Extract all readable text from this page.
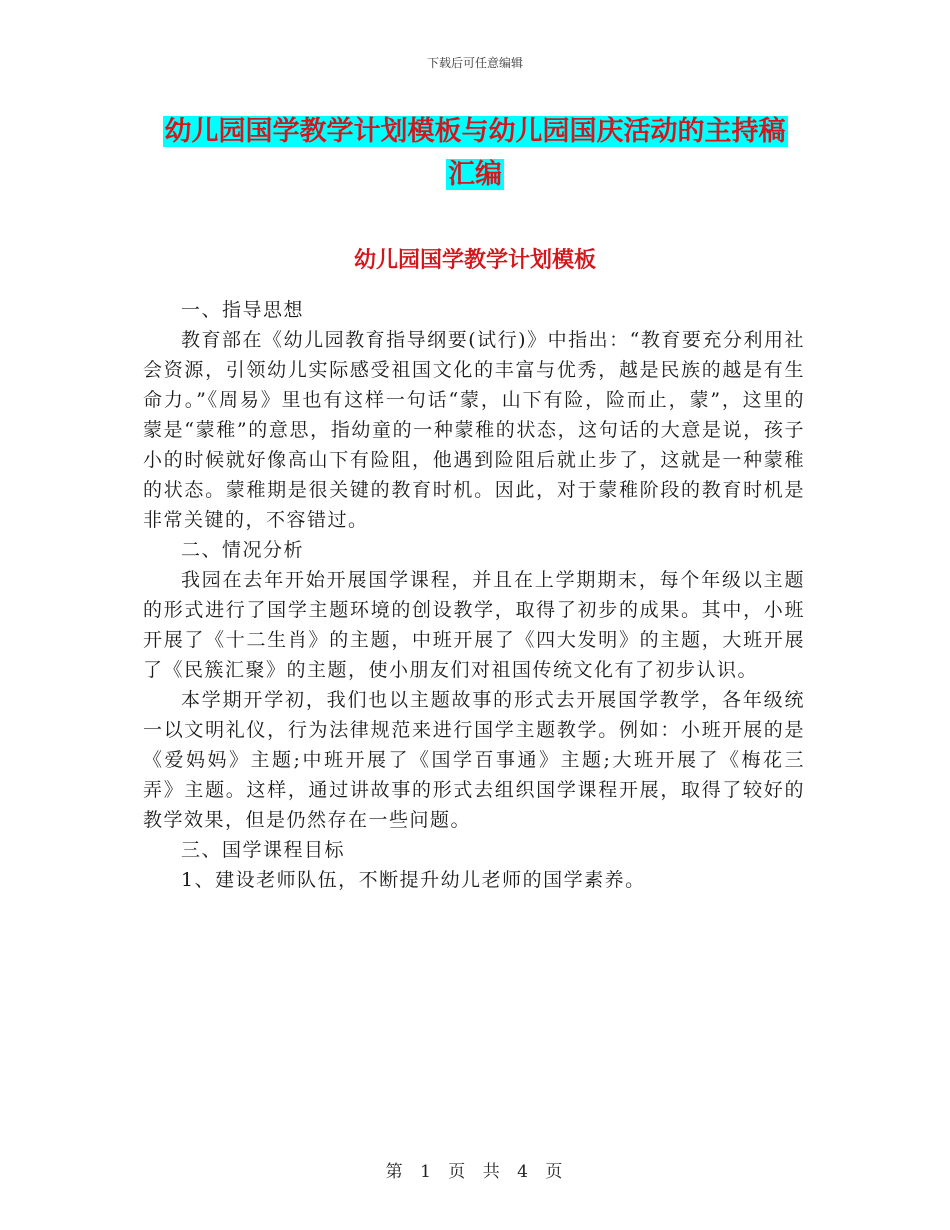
下载后可任意编辑
幼儿园国学教学计划模板与幼儿园国庆活动的主持稿
汇编
幼儿园国学教学计划模板

一、指导思想

教育部在《幼儿园教育指导纲要(试行)》中指出：“教育要充分利用社会资源，引领幼儿实际感受祖国文化的丰富与优秀，越是民族的越是有生命力。”《周易》里也有这样一句话“蒙，山下有险，险而止，蒙”，这里的蒙是“蒙稚”的意思，指幼童的一种蒙稚的状态，这句话的大意是说，孩子小的时候就好像高山下有险阻，他遇到险阻后就止步了，这就是一种蒙稚的状态。蒙稚期是很关键的教育时机。因此，对于蒙稚阶段的教育时机是非常关键的，不容错过。

二、情况分析

我园在去年开始开展国学课程，并且在上学期期末，每个年级以主题的形式进行了国学主题环境的创设教学，取得了初步的成果。其中，小班开展了《十二生肖》的主题，中班开展了《四大发明》的主题，大班开展了《民簇汇聚》的主题，使小朋友们对祖国传统文化有了初步认识。

本学期开学初，我们也以主题故事的形式去开展国学教学，各年级统一以文明礼仪，行为法律规范来进行国学主题教学。例如：小班开展的是《爱妈妈》主题;中班开展了《国学百事通》主题;大班开展了《梅花三弄》主题。这样，通过讲故事的形式去组织国学课程开展，取得了较好的教学效果，但是仍然存在一些问题。

三、国学课程目标

1、建设老师队伍，不断提升幼儿老师的国学素养。

第 1 页 共 4 页
